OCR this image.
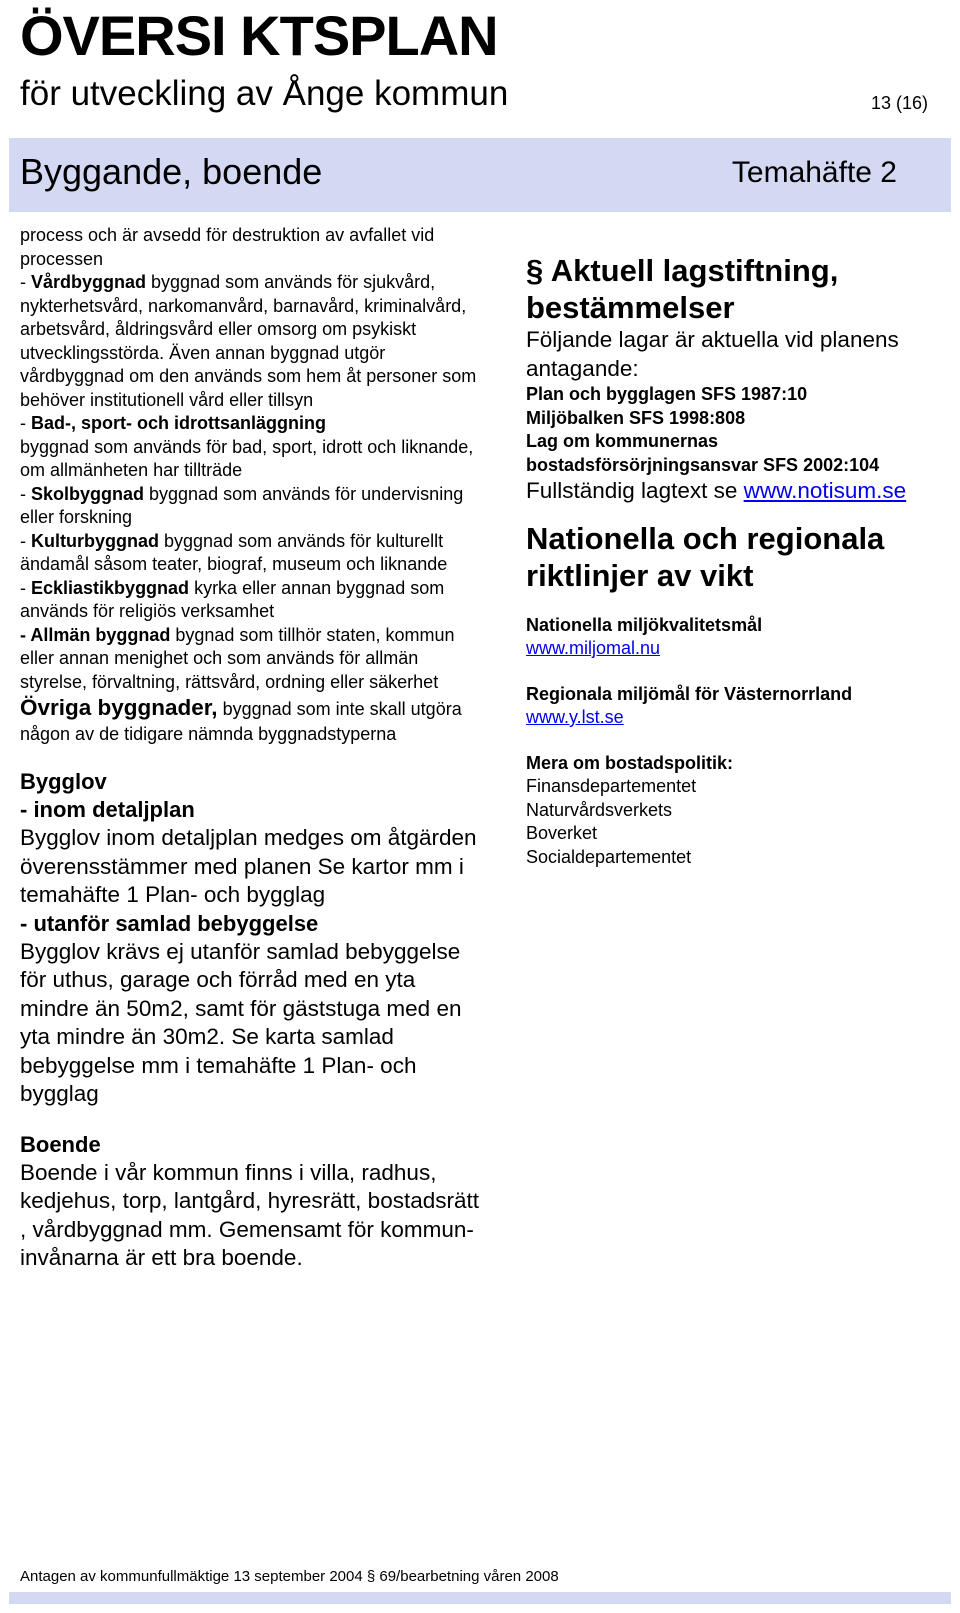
ÖVERSI KTSPLAN
för utveckling av Ånge kommun	13 (16)
Byggande, boende	Temahäfte 2

process och är avsedd för destruktion av avfallet vid processen

- Vårdbyggnad byggnad som används för sjukvård, nykterhetsvård, narkomanvård, barnavård, kriminalvård, arbetsvård, åldringsvård eller omsorg om psykiskt utvecklingsstörda. Även annan byggnad utgör vårdbyggnad om den används som hem åt personer som behöver institutionell vård eller tillsyn

- Bad-, sport- och idrottsanläggning
byggnad som används för bad, sport, idrott och liknande, om allmänheten har tillträde

- Skolbyggnad byggnad som används för undervisning eller forskning

- Kulturbyggnad byggnad som används för kulturellt ändamål såsom teater, biograf, museum och liknande

- Eckliastikbyggnad kyrka eller annan byggnad som används för religiös verksamhet

- Allmän byggnad bygnad som tillhör staten, kommun eller annan menighet och som används för allmän styrelse, förvaltning, rättsvård, ordning eller säkerhet

Övriga byggnader, byggnad som inte skall utgöra någon av de tidigare nämnda byggnadstyperna

Bygglov

- inom detaljplan

Bygglov inom detaljplan medges om åtgärden överensstämmer med planen Se kartor mm i temahäfte 1 Plan- och bygglag

- utanför samlad bebyggelse

Bygglov krävs ej utanför samlad bebyggelse för uthus, garage och förråd med en yta mindre än 50m2, samt för gäststuga med en yta mindre än 30m2. Se karta samlad bebyggelse mm i temahäfte 1 Plan- och bygglag

Boende

Boende i vår kommun finns i villa, radhus, kedjehus, torp, lantgård, hyresrätt, bostadsrätt , vårdbyggnad mm. Gemensamt för kommun-invånarna är ett bra boende.

§ Aktuell lagstiftning, bestämmelser

Följande lagar är aktuella vid planens antagande:

Plan och bygglagen SFS 1987:10

Miljöbalken SFS 1998:808

Lag om kommunernas bostadsförsörjningsansvar SFS 2002:104

Fullständig lagtext se www.notisum.se

Nationella och regionala riktlinjer av vikt

Nationella miljökvalitetsmål

www.miljomal.nu

Regionala miljömål för Västernorrland

www.y.lst.se

Mera om bostadspolitik:

Finansdepartementet

Naturvårdsverkets

Boverket

Socialdepartementet

Antagen av kommunfullmäktige 13 september 2004 § 69/bearbetning våren 2008
